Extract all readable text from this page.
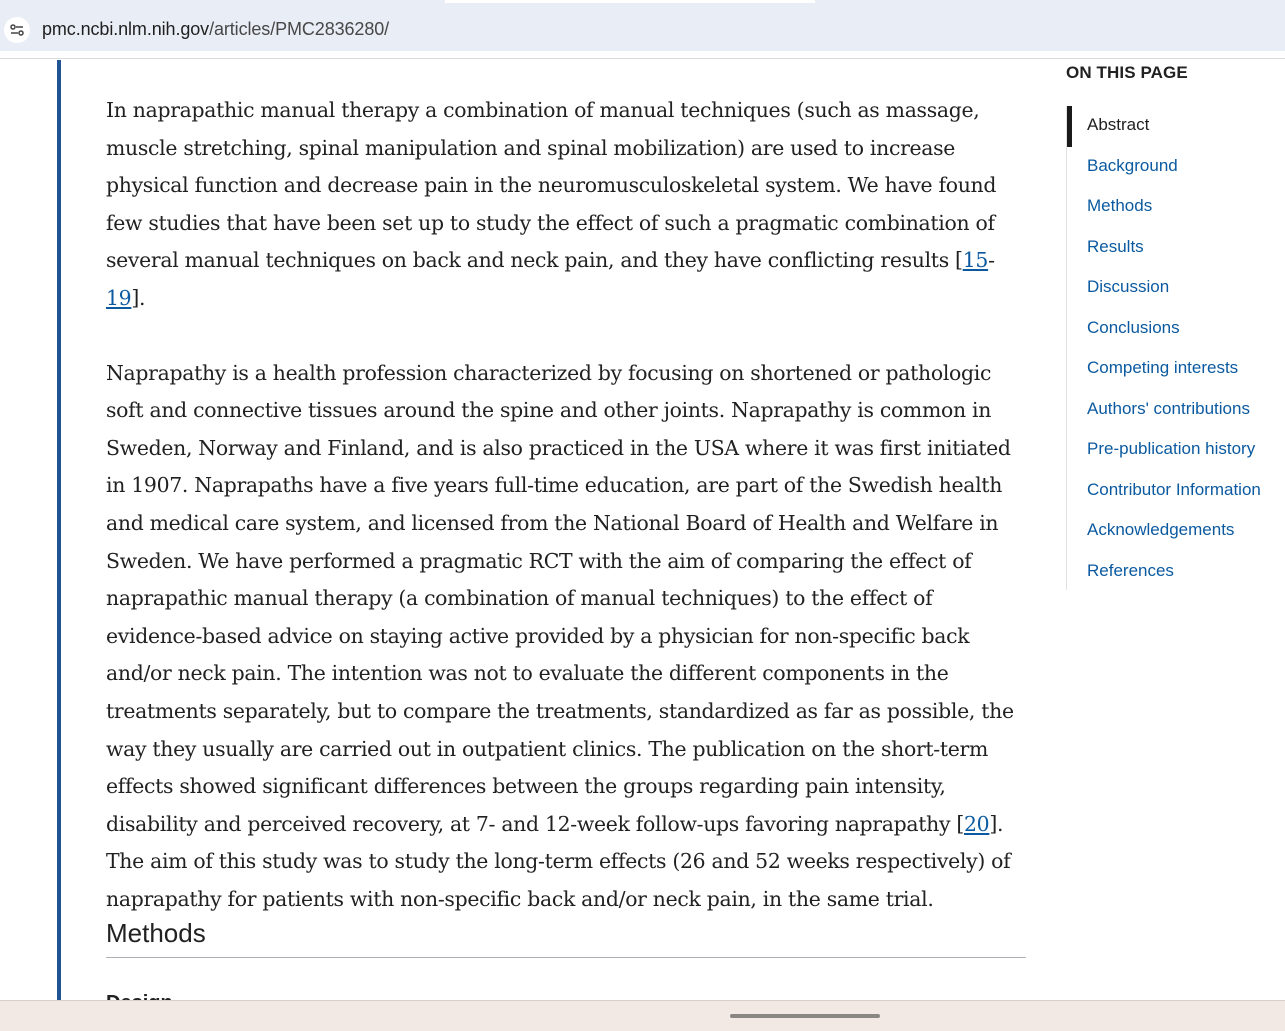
pmc.ncbi.nlm.nih.gov/articles/PMC2836280/

In naprapathic manual therapy a combination of manual techniques (such as massage, muscle stretching, spinal manipulation and spinal mobilization) are used to increase physical function and decrease pain in the neuromusculoskeletal system. We have found few studies that have been set up to study the effect of such a pragmatic combination of several manual techniques on back and neck pain, and they have conflicting results [15-19].

Naprapathy is a health profession characterized by focusing on shortened or pathologic soft and connective tissues around the spine and other joints. Naprapathy is common in Sweden, Norway and Finland, and is also practiced in the USA where it was first initiated in 1907. Naprapaths have a five years full-time education, are part of the Swedish health and medical care system, and licensed from the National Board of Health and Welfare in Sweden. We have performed a pragmatic RCT with the aim of comparing the effect of naprapathic manual therapy (a combination of manual techniques) to the effect of evidence-based advice on staying active provided by a physician for non-specific back and/or neck pain. The intention was not to evaluate the different components in the treatments separately, but to compare the treatments, standardized as far as possible, the way they usually are carried out in outpatient clinics. The publication on the short-term effects showed significant differences between the groups regarding pain intensity, disability and perceived recovery, at 7- and 12-week follow-ups favoring naprapathy [20]. The aim of this study was to study the long-term effects (26 and 52 weeks respectively) of naprapathy for patients with non-specific back and/or neck pain, in the same trial.

Methods
ON THIS PAGE
Abstract
Background
Methods
Results
Discussion
Conclusions
Competing interests
Authors' contributions
Pre-publication history
Contributor Information
Acknowledgements
References
